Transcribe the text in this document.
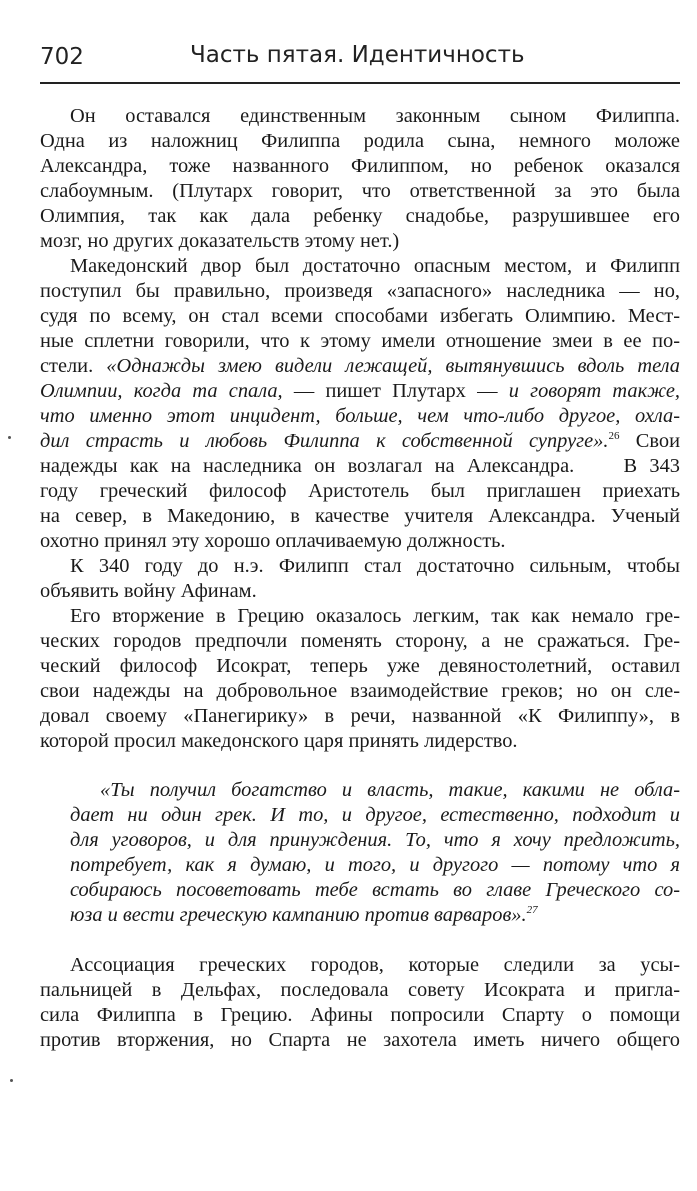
702	Часть пятая. Идентичность
Он оставался единственным законным сыном Филиппа.
Одна из наложниц Филиппа родила сына, немного моложе
Александра, тоже названного Филиппом, но ребенок оказался
слабоумным. (Плутарх говорит, что ответственной за это была
Олимпия, так как дала ребенку снадобье, разрушившее его
мозг, но других доказательств этому нет.)
Македонский двор был достаточно опасным местом, и Филипп
поступил бы правильно, произведя «запасного» наследника — но,
судя по всему, он стал всеми способами избегать Олимпию. Мест-
ные сплетни говорили, что к этому имели отношение змеи в ее по-
стели. «Однажды змею видели лежащей, вытянувшись вдоль тела
Олимпии, когда та спала, — пишет Плутарх — и говорят также,
что именно этот инцидент, больше, чем что-либо другое, охла-
дил страсть и любовь Филиппа к собственной супруге».$^{26}$ Свои
надежды как на наследника он возлагал на Александра.    В 343
году греческий философ Аристотель был приглашен приехать
на север, в Македонию, в качестве учителя Александра. Ученый
охотно принял эту хорошо оплачиваемую должность.
К 340 году до н.э. Филипп стал достаточно сильным, чтобы
объявить войну Афинам.
Его вторжение в Грецию оказалось легким, так как немало гре-
ческих городов предпочли поменять сторону, а не сражаться. Гре-
ческий философ Исократ, теперь уже девяностолетний, оставил
свои надежды на добровольное взаимодействие греков; но он сле-
довал своему «Панегирику» в речи, названной «К Филиппу», в
которой просил македонского царя принять лидерство.
«Ты получил богатство и власть, такие, какими не обла-
дает ни один грек. И то, и другое, естественно, подходит и
для уговоров, и для принуждения. То, что я хочу предложить,
потребует, как я думаю, и того, и другого — потому что я
собираюсь посоветовать тебе встать во главе Греческого со-
юза и вести греческую кампанию против варваров».$^{27}$
Ассоциация греческих городов, которые следили за усы-
пальницей в Дельфах, последовала совету Исократа и пригла-
сила Филиппа в Грецию. Афины попросили Спарту о помощи
против вторжения, но Спарта не захотела иметь ничего общего
